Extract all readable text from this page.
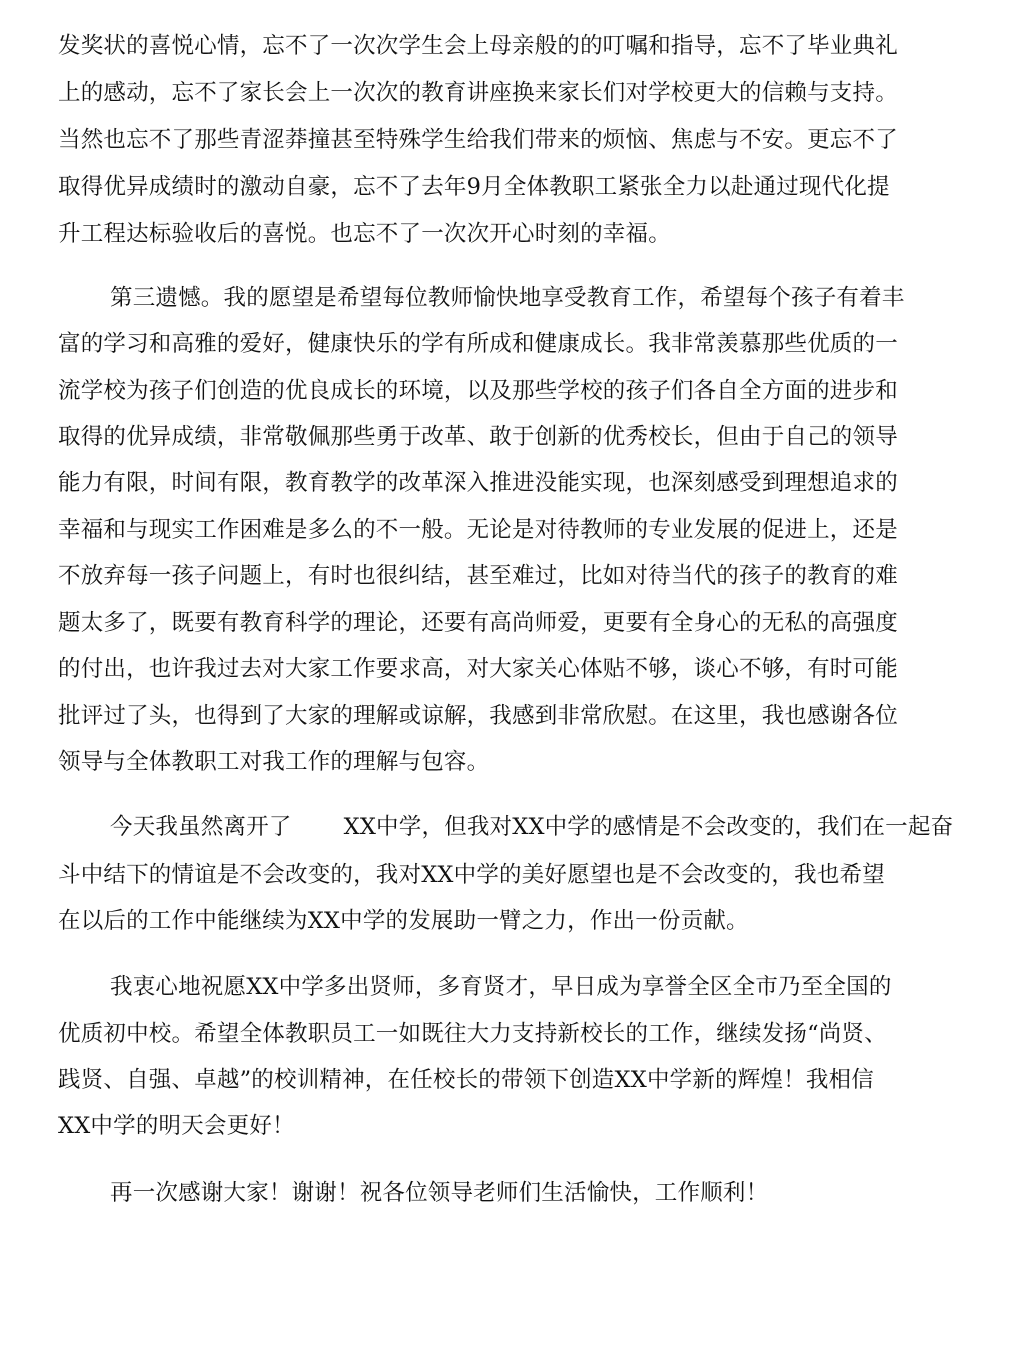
发奖状的喜悦心情，忘不了一次次学生会上母亲般的的叮嘱和指导，忘不了毕业典礼
上的感动，忘不了家长会上一次次的教育讲座换来家长们对学校更大的信赖与支持。
当然也忘不了那些青涩莽撞甚至特殊学生给我们带来的烦恼、焦虑与不安。更忘不了
取得优异成绩时的激动自豪，忘不了去年9月全体教职工紧张全力以赴通过现代化提
升工程达标验收后的喜悦。也忘不了一次次开心时刻的幸福。
第三遗憾。我的愿望是希望每位教师愉快地享受教育工作，希望每个孩子有着丰
富的学习和高雅的爱好，健康快乐的学有所成和健康成长。我非常羡慕那些优质的一
流学校为孩子们创造的优良成长的环境，以及那些学校的孩子们各自全方面的进步和
取得的优异成绩，非常敬佩那些勇于改革、敢于创新的优秀校长，但由于自己的领导
能力有限，时间有限，教育教学的改革深入推进没能实现，也深刻感受到理想追求的
幸福和与现实工作困难是多么的不一般。无论是对待教师的专业发展的促进上，还是
不放弃每一孩子问题上，有时也很纠结，甚至难过，比如对待当代的孩子的教育的难
题太多了，既要有教育科学的理论，还要有高尚师爱，更要有全身心的无私的高强度
的付出，也许我过去对大家工作要求高，对大家关心体贴不够，谈心不够，有时可能
批评过了头，也得到了大家的理解或谅解，我感到非常欣慰。在这里，我也感谢各位
领导与全体教职工对我工作的理解与包容。
今天我虽然离开了 XX中学，但我对XX中学的感情是不会改变的，我们在一起奋
斗中结下的情谊是不会改变的，我对XX中学的美好愿望也是不会改变的，我也希望
在以后的工作中能继续为XX中学的发展助一臂之力，作出一份贡献。
我衷心地祝愿XX中学多出贤师，多育贤才，早日成为享誉全区全市乃至全国的
优质初中校。希望全体教职员工一如既往大力支持新校长的工作，继续发扬“尚贤、
践贤、自强、卓越”的校训精神，在任校长的带领下创造XX中学新的辉煌！我相信
XX中学的明天会更好！
再一次感谢大家！谢谢！祝各位领导老师们生活愉快，工作顺利！
